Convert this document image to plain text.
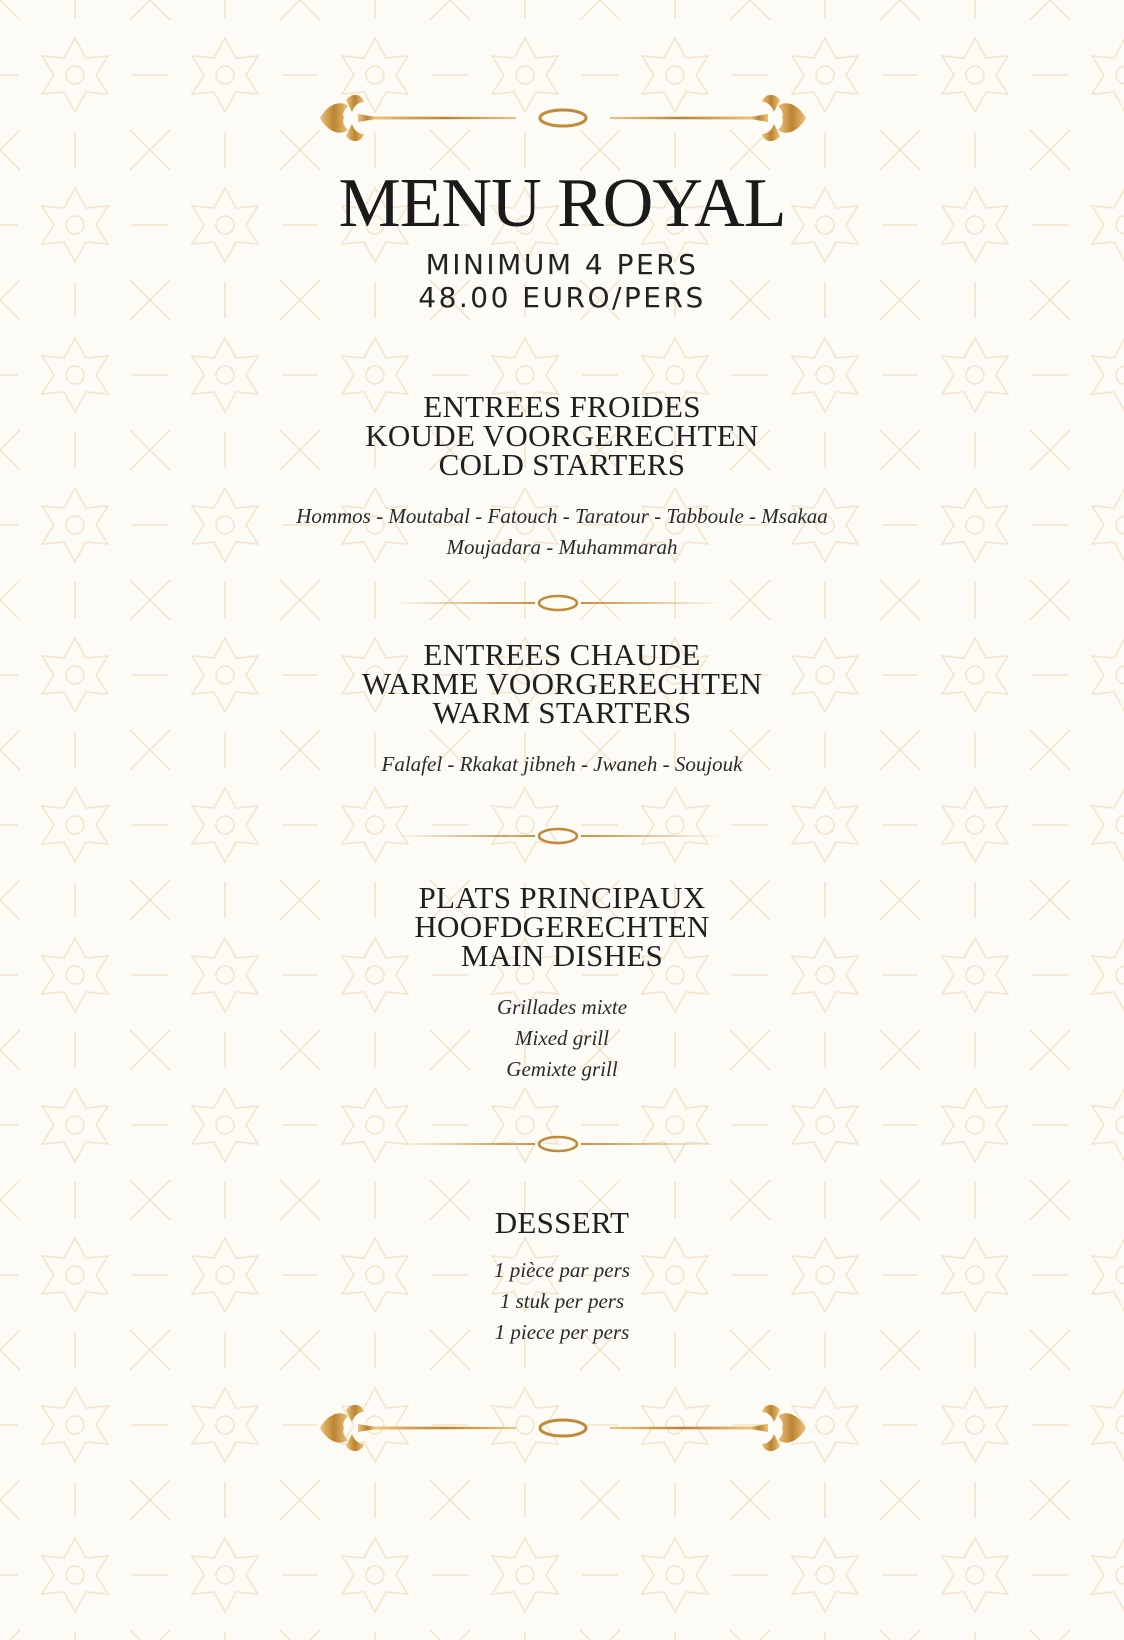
MENU ROYAL
MINIMUM 4 PERS
48.00 EURO/PERS
ENTREES FROIDES
KOUDE VOORGERECHTEN
COLD STARTERS
Hommos - Moutabal - Fatouch - Taratour - Tabboule - Msakaa
Moujadara - Muhammarah
ENTREES CHAUDE
WARME VOORGERECHTEN
WARM STARTERS
Falafel - Rkakat jibneh - Jwaneh - Soujouk
PLATS PRINCIPAUX
HOOFDGERECHTEN
MAIN DISHES
Grillades mixte
Mixed grill
Gemixte grill
DESSERT
1 pièce par pers
1 stuk per pers
1 piece per pers
